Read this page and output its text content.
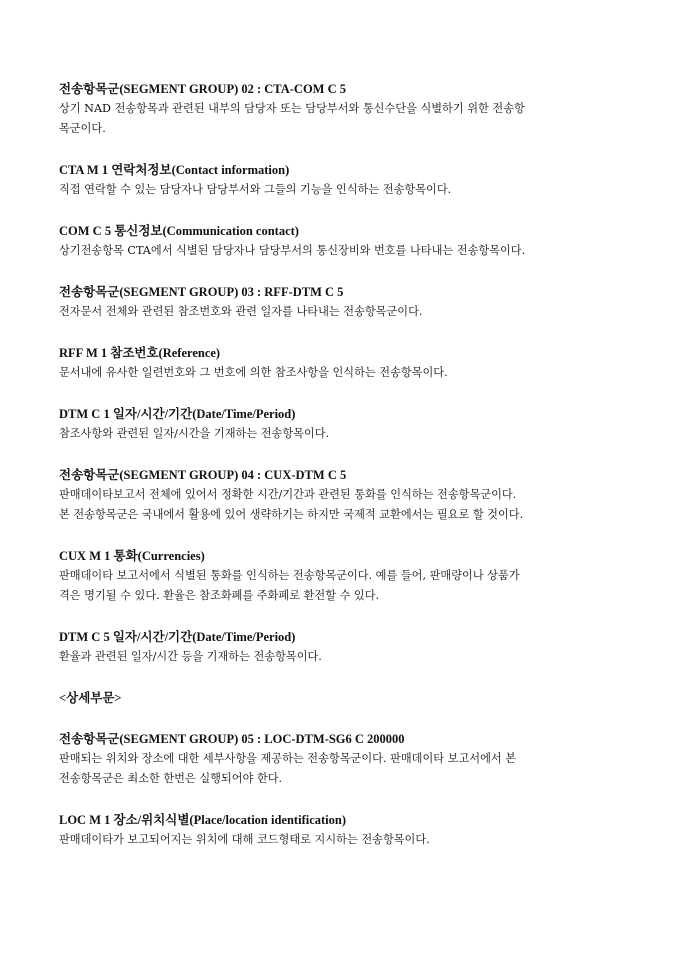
전송항목군(SEGMENT GROUP) 02 : CTA-COM C 5
상기 NAD 전송항목과 관련된 내부의 담당자 또는 담당부서와 통신수단을 식별하기 위한 전송항
목군이다.
CTA M 1 연락처정보(Contact information)
직접 연락할 수 있는 담당자나 담당부서와 그들의 기능을 인식하는 전송항목이다.
COM C 5 통신정보(Communication contact)
상기전송항목 CTA에서 식별된 담당자나 담당부서의 통신장비와 번호를 나타내는 전송항목이다.
전송항목군(SEGMENT GROUP) 03 : RFF-DTM C 5
전자문서 전체와 관련된 참조번호와 관련 일자를 나타내는 전송항목군이다.
RFF M 1 참조번호(Reference)
문서내에 유사한 일련번호와 그 번호에 의한 참조사항을 인식하는 전송항목이다.
DTM C 1 일자/시간/기간(Date/Time/Period)
참조사항와 관련된 일자/시간을 기재하는 전송항목이다.
전송항목군(SEGMENT GROUP) 04 : CUX-DTM C 5
판매데이타보고서 전체에 있어서 정확한 시간/기간과 관련된 통화를 인식하는 전송항목군이다.
본 전송항목군은 국내에서 활용에 있어 생략하기는 하지만 국제적 교환에서는 필요로 할 것이다.
CUX M 1 통화(Currencies)
판매데이타 보고서에서 식별된 통화를 인식하는 전송항목군이다. 예를 들어, 판매량이나 상품가
격은 명기될 수 있다. 환율은 참조화폐를 주화폐로 환전할 수 있다.
DTM C 5 일자/시간/기간(Date/Time/Period)
환율과 관련된 일자/시간 등을 기재하는 전송항목이다.
<상세부문>
전송항목군(SEGMENT GROUP) 05 : LOC-DTM-SG6 C 200000
판매되는 위치와 장소에 대한 세부사항을 제공하는 전송항목군이다. 판매데이타 보고서에서 본
전송항목군은 최소한 한번은 실행되어야 한다.
LOC M 1 장소/위치식별(Place/location identification)
판매데이타가 보고되어지는 위치에 대해 코드형태로 지시하는 전송항목이다.
